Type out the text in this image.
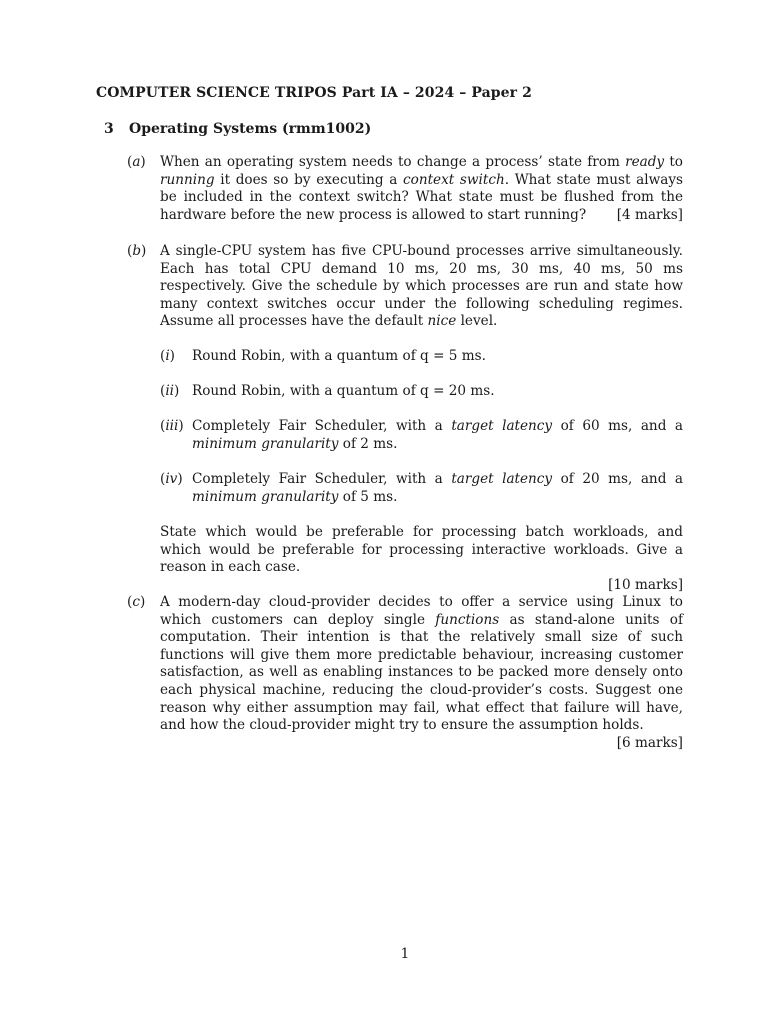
COMPUTER SCIENCE TRIPOS Part IA – 2024 – Paper 2
3 Operating Systems (rmm1002)
(a) When an operating system needs to change a process’ state from ready to running it does so by executing a context switch. What state must always be included in the context switch? What state must be flushed from the hardware before the new process is allowed to start running? [4 marks]
(b) A single-CPU system has five CPU-bound processes arrive simultaneously. Each has total CPU demand 10 ms, 20 ms, 30 ms, 40 ms, 50 ms respectively. Give the schedule by which processes are run and state how many context switches occur under the following scheduling regimes. Assume all processes have the default nice level.
(i) Round Robin, with a quantum of q = 5 ms.
(ii) Round Robin, with a quantum of q = 20 ms.
(iii) Completely Fair Scheduler, with a target latency of 60 ms, and a minimum granularity of 2 ms.
(iv) Completely Fair Scheduler, with a target latency of 20 ms, and a minimum granularity of 5 ms.
State which would be preferable for processing batch workloads, and which would be preferable for processing interactive workloads. Give a reason in each case.
[10 marks]
(c) A modern-day cloud-provider decides to offer a service using Linux to which customers can deploy single functions as stand-alone units of computation. Their intention is that the relatively small size of such functions will give them more predictable behaviour, increasing customer satisfaction, as well as enabling instances to be packed more densely onto each physical machine, reducing the cloud-provider’s costs. Suggest one reason why either assumption may fail, what effect that failure will have, and how the cloud-provider might try to ensure the assumption holds.
[6 marks]
1
